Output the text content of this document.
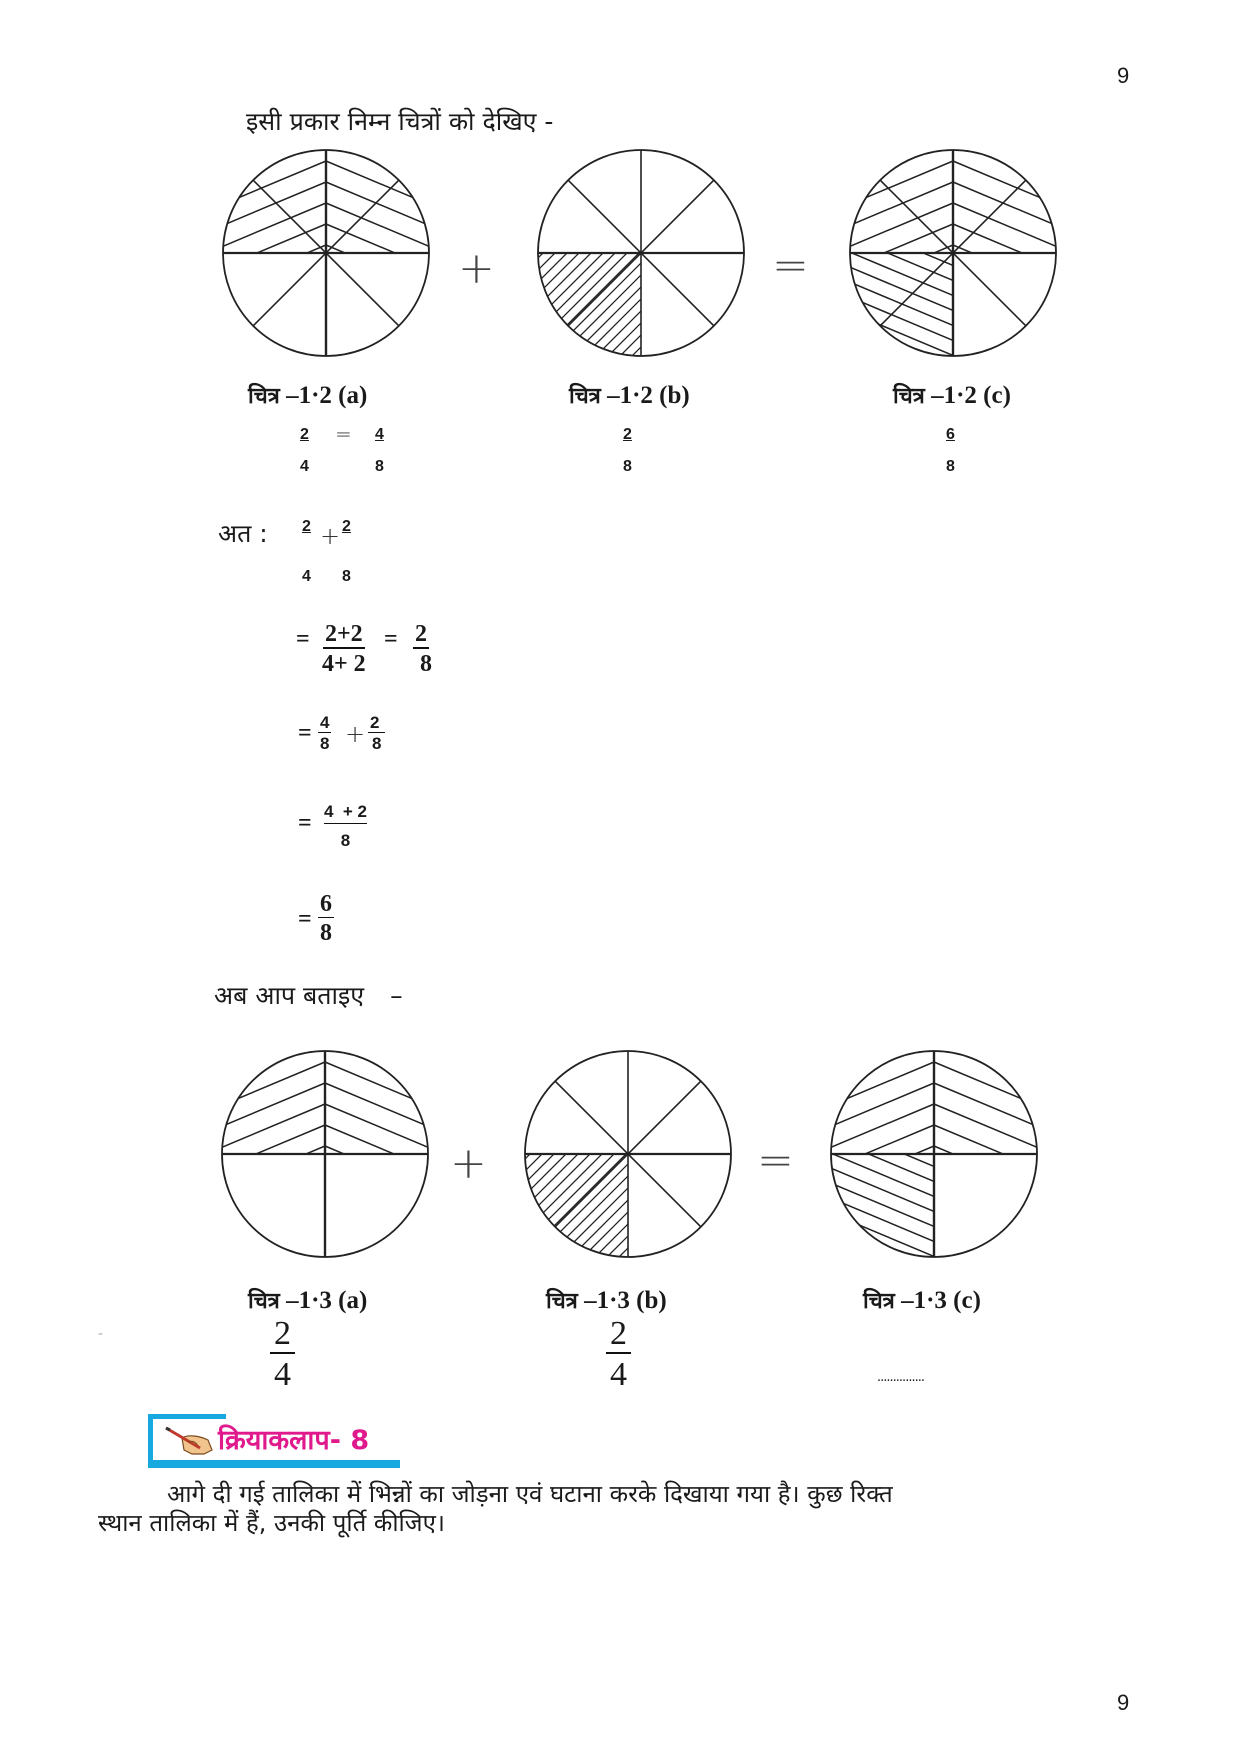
9
9
इसी प्रकार निम्न चित्रों को देखिए -
+	=
चित्र –1·2 (a)	चित्र –1·2 (b)	चित्र –1·2 (c)
$\frac{2}{4} = \frac{4}{8}$	$\frac{2}{8}$	$\frac{6}{8}$
अत : $\frac{2}{4} + \frac{2}{8}$
= $\frac{2+2}{4+ 2} = \frac{2}{8}$
= $\frac{4}{8} + \frac{2}{8}$
= $\frac{4 + 2}{8}$
= $\frac{6}{8}$
अब आप बताइए –
+	=
चित्र –1·3 (a)	चित्र –1·3 (b)	चित्र –1·3 (c)
-	$\frac{2}{4}$	$\frac{2}{4}$	...............
क्रियाकलाप- 8
आगे दी गई तालिका में भिन्नों का जोड़ना एवं घटाना करके दिखाया गया है। कुछ रिक्त
स्थान तालिका में हैं, उनकी पूर्ति कीजिए।
